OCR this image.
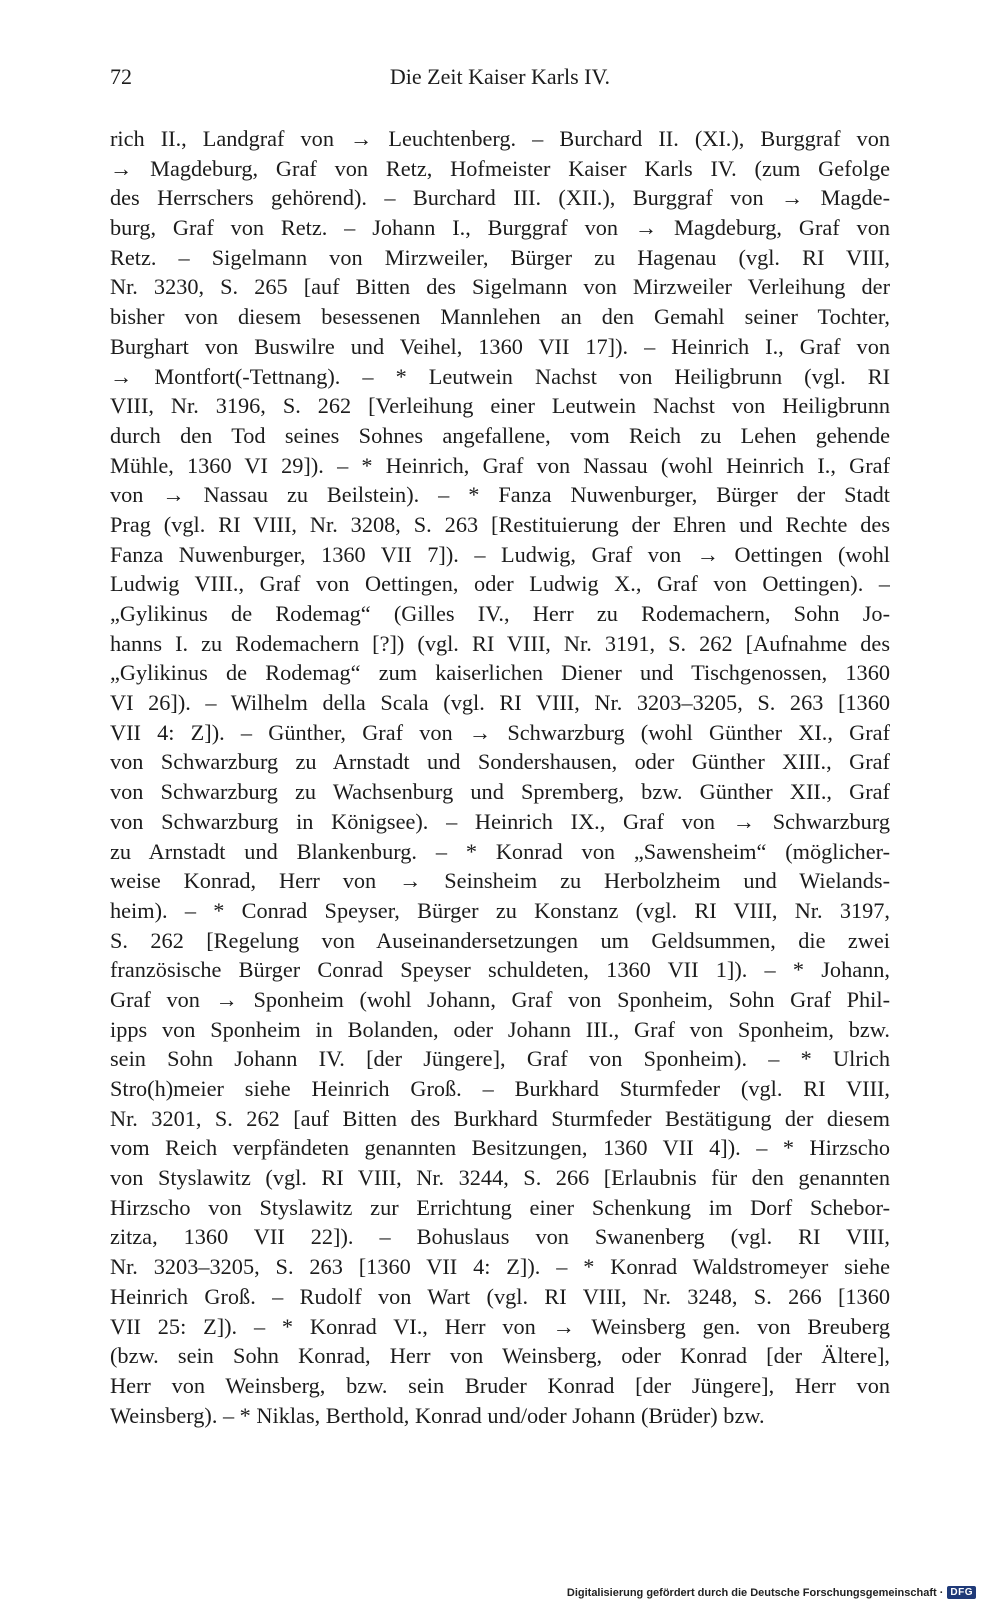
72	Die Zeit Kaiser Karls IV.
rich II., Landgraf von → Leuchtenberg. – Burchard II. (XI.), Burggraf von
→ Magdeburg, Graf von Retz, Hofmeister Kaiser Karls IV. (zum Gefolge
des Herrschers gehörend). – Burchard III. (XII.), Burggraf von → Magde-
burg, Graf von Retz. – Johann I., Burggraf von → Magdeburg, Graf von
Retz. – Sigelmann von Mirzweiler, Bürger zu Hagenau (vgl. RI VIII,
Nr. 3230, S. 265 [auf Bitten des Sigelmann von Mirzweiler Verleihung der
bisher von diesem besessenen Mannlehen an den Gemahl seiner Tochter,
Burghart von Buswilre und Veihel, 1360 VII 17]). – Heinrich I., Graf von
→ Montfort(-Tettnang). – * Leutwein Nachst von Heiligbrunn (vgl. RI
VIII, Nr. 3196, S. 262 [Verleihung einer Leutwein Nachst von Heiligbrunn
durch den Tod seines Sohnes angefallene, vom Reich zu Lehen gehende
Mühle, 1360 VI 29]). – * Heinrich, Graf von Nassau (wohl Heinrich I., Graf
von → Nassau zu Beilstein). – * Fanza Nuwenburger, Bürger der Stadt
Prag (vgl. RI VIII, Nr. 3208, S. 263 [Restituierung der Ehren und Rechte des
Fanza Nuwenburger, 1360 VII 7]). – Ludwig, Graf von → Oettingen (wohl
Ludwig VIII., Graf von Oettingen, oder Ludwig X., Graf von Oettingen). –
„Gylikinus de Rodemag“ (Gilles IV., Herr zu Rodemachern, Sohn Jo-
hanns I. zu Rodemachern [?]) (vgl. RI VIII, Nr. 3191, S. 262 [Aufnahme des
„Gylikinus de Rodemag“ zum kaiserlichen Diener und Tischgenossen, 1360
VI 26]). – Wilhelm della Scala (vgl. RI VIII, Nr. 3203–3205, S. 263 [1360
VII 4: Z]). – Günther, Graf von → Schwarzburg (wohl Günther XI., Graf
von Schwarzburg zu Arnstadt und Sondershausen, oder Günther XIII., Graf
von Schwarzburg zu Wachsenburg und Spremberg, bzw. Günther XII., Graf
von Schwarzburg in Königsee). – Heinrich IX., Graf von → Schwarzburg
zu Arnstadt und Blankenburg. – * Konrad von „Sawensheim“ (möglicher-
weise Konrad, Herr von → Seinsheim zu Herbolzheim und Wielands-
heim). – * Conrad Speyser, Bürger zu Konstanz (vgl. RI VIII, Nr. 3197,
S. 262 [Regelung von Auseinandersetzungen um Geldsummen, die zwei
französische Bürger Conrad Speyser schuldeten, 1360 VII 1]). – * Johann,
Graf von → Sponheim (wohl Johann, Graf von Sponheim, Sohn Graf Phil-
ipps von Sponheim in Bolanden, oder Johann III., Graf von Sponheim, bzw.
sein Sohn Johann IV. [der Jüngere], Graf von Sponheim). – * Ulrich
Stro(h)meier siehe Heinrich Groß. – Burkhard Sturmfeder (vgl. RI VIII,
Nr. 3201, S. 262 [auf Bitten des Burkhard Sturmfeder Bestätigung der diesem
vom Reich verpfändeten genannten Besitzungen, 1360 VII 4]). – * Hirzscho
von Styslawitz (vgl. RI VIII, Nr. 3244, S. 266 [Erlaubnis für den genannten
Hirzscho von Styslawitz zur Errichtung einer Schenkung im Dorf Schebor-
zitza, 1360 VII 22]). – Bohuslaus von Swanenberg (vgl. RI VIII,
Nr. 3203–3205, S. 263 [1360 VII 4: Z]). – * Konrad Waldstromeyer siehe
Heinrich Groß. – Rudolf von Wart (vgl. RI VIII, Nr. 3248, S. 266 [1360
VII 25: Z]). – * Konrad VI., Herr von → Weinsberg gen. von Breuberg
(bzw. sein Sohn Konrad, Herr von Weinsberg, oder Konrad [der Ältere],
Herr von Weinsberg, bzw. sein Bruder Konrad [der Jüngere], Herr von
Weinsberg). – * Niklas, Berthold, Konrad und/oder Johann (Brüder) bzw.
Digitalisierung gefördert durch die Deutsche Forschungsgemeinschaft · DFG
